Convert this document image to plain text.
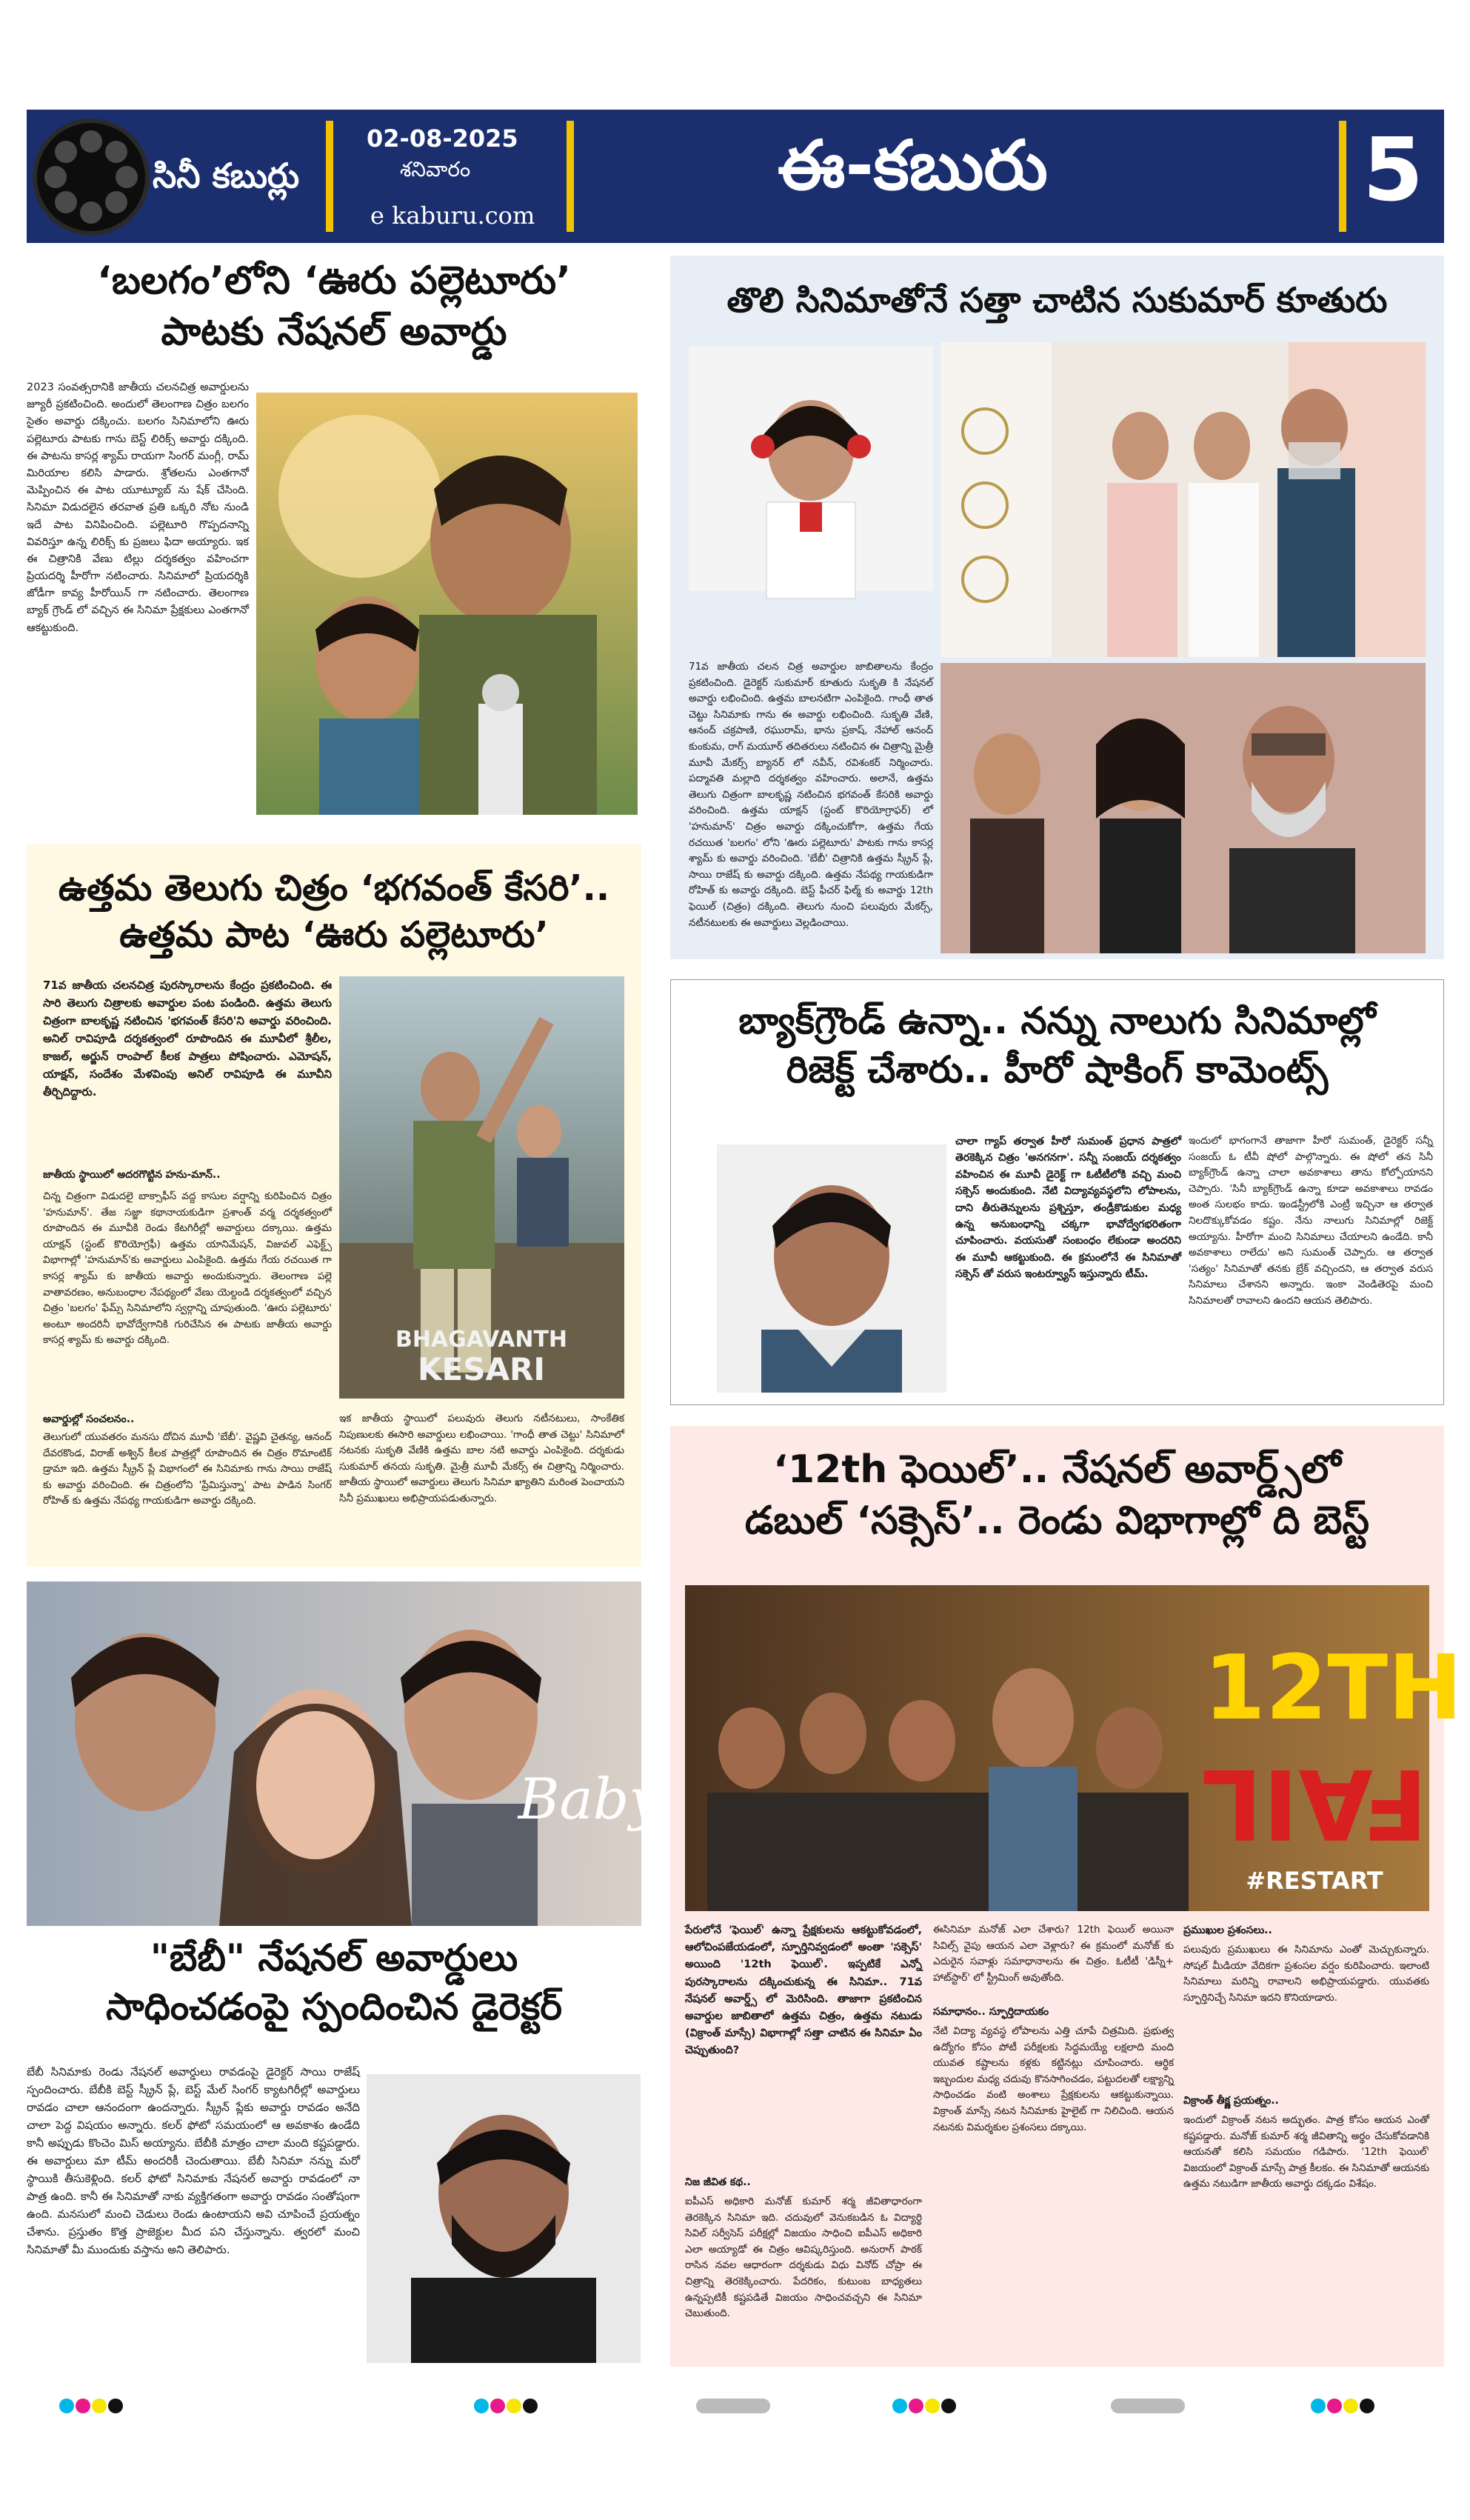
సినీ కబుర్లు
02-08-2025
శనివారం
e kaburu.com
ఈ-కబురు	5
‘బలగం’లోని ‘ఊరు పల్లెటూరు’
పాటకు నేషనల్ అవార్డు
2023 సంవత్సరానికి జాతీయ చలనచిత్ర అవార్డులను జ్యూరీ ప్రకటించింది. అందులో తెలంగాణ చిత్రం బలగం సైతం అవార్డు దక్కించు. బలగం సినిమాలోని ఊరు పల్లెటూరు పాటకు గాను బెస్ట్ లిరిక్స్ అవార్డు దక్కింది. ఈ పాటను కాసర్ల శ్యామ్ రాయగా సింగర్ మంగ్లీ, రామ్ మిరియాల కలిసి పాడారు. శ్రోతలను ఎంతగానో మెప్పించిన ఈ పాట యూట్యూబ్ ను షేక్ చేసింది. సినిమా విడుదలైన తరవాత ప్రతి ఒక్కరి నోట నుండి ఇదే పాట వినిపించింది. పల్లెటూరి గొప్పదనాన్ని వివరిస్తూ ఉన్న లిరిక్స్ కు ప్రజలు ఫిదా అయ్యారు. ఇక ఈ చిత్రానికి వేణు టిల్లు దర్శకత్వం వహించగా ప్రియదర్శి హీరోగా నటించారు. సినిమాలో ప్రియదర్శికి జోడీగా కావ్య హీరోయిన్ గా నటించారు. తెలంగాణ బ్యాక్ గ్రౌండ్ లో వచ్చిన ఈ సినిమా ప్రేక్షకులు ఎంతగానో ఆకట్టుకుంది.
తొలి సినిమాతోనే సత్తా చాటిన సుకుమార్ కూతురు
71వ జాతీయ చలన చిత్ర అవార్డుల జాబితాలను కేంద్రం ప్రకటించింది. డైరెక్టర్ సుకుమార్ కూతురు సుకృతి కి నేషనల్ అవార్డు లభించింది. ఉత్తమ బాలనటిగా ఎంపికైంది. గాంధీ తాత చెట్టు సినిమాకు గాను ఈ అవార్డు లభించింది. సుకృతి వేణి, ఆనంద్ చక్రపాణి, రఘురామ్, భాను ప్రకాష్, నేహాల్ ఆనంద్ కుంకుమ, రాగ్ మయూర్ తదితరులు నటించిన ఈ చిత్రాన్ని మైత్రీ మూవీ మేకర్స్ బ్యానర్ లో నవీన్, రవిశంకర్ నిర్మించారు. పద్మావతి మల్లాది దర్శకత్వం వహించారు. అలానే, ఉత్తమ తెలుగు చిత్రంగా బాలకృష్ణ నటించిన భగవంత్ కేసరికి అవార్డు వరించింది. ఉత్తమ యాక్షన్ (స్టంట్ కొరియోగ్రాఫర్) లో 'హనుమాన్' చిత్రం అవార్డు దక్కించుకోగా, ఉత్తమ గేయ రచయిత 'బలగం' లోని 'ఊరు పల్లెటూరు' పాటకు గాను కాసర్ల శ్యామ్ కు అవార్డు వరించింది. 'బేబీ' చిత్రానికి ఉత్తమ స్క్రీన్ ప్లే, సాయి రాజేష్ కు అవార్డు దక్కింది. ఉత్తమ నేపథ్య గాయకుడిగా రోహిత్ కు అవార్డు దక్కింది. బెస్ట్ ఫీచర్ ఫిల్మ్ కు అవార్డు 12th ఫెయిల్ (చిత్రం) దక్కింది. తెలుగు నుంచి పలువురు మేకర్స్, నటీనటులకు ఈ అవార్డులు వెల్లడించాయి.
ఉత్తమ తెలుగు చిత్రం ‘భగవంత్ కేసరి’..
ఉత్తమ పాట ‘ఊరు పల్లెటూరు’
71వ జాతీయ చలనచిత్ర పురస్కారాలను కేంద్రం ప్రకటించింది. ఈ సారి తెలుగు చిత్రాలకు అవార్డుల పంట పండింది. ఉత్తమ తెలుగు చిత్రంగా బాలకృష్ణ నటించిన 'భగవంత్ కేసరి'ని అవార్డు వరించింది. అనిల్ రావిపూడి దర్శకత్వంలో రూపొందిన ఈ మూవీలో శ్రీలీల, కాజల్, అర్జున్ రాంపాల్ కీలక పాత్రలు పోషించారు. ఎమోషన్, యాక్షన్, సందేశం మేళవింపు అనిల్ రావిపూడి ఈ మూవీని తీర్చిదిద్దారు.
BHAGAVANTH
KESARI
జాతీయ స్థాయిలో అదరగొట్టిన హను-మాన్..
చిన్న చిత్రంగా విడుదలై బాక్సాఫీస్ వద్ద కాసుల వర్షాన్ని కురిపించిన చిత్రం 'హనుమాన్'. తేజ సజ్జా కథానాయకుడిగా ప్రశాంత్ వర్మ దర్శకత్వంలో రూపొందిన ఈ మూవీకి రెండు కేటగిరీల్లో అవార్డులు దక్కాయి. ఉత్తమ యాక్షన్ (స్టంట్ కొరియోగ్రఫీ) ఉత్తమ యానిమేషన్, విజువల్ ఎఫెక్ట్స్ విభాగాల్లో 'హనుమాన్'కు అవార్డులు ఎంపికైంది. ఉత్తమ గేయ రచయిత గా కాసర్ల శ్యామ్ కు జాతీయ అవార్డు అందుకున్నారు. తెలంగాణ పల్లె వాతావరణం, అనుబంధాల నేపథ్యంలో వేణు యెల్దండి దర్శకత్వంలో వచ్చిన చిత్రం 'బలగం' ఫేమ్స్ సినిమాలోని స్వర్గాన్ని చూపుతుంది. 'ఊరు పల్లెటూరు' అంటూ అందరినీ భావోద్వేగానికి గురిచేసిన ఈ పాటకు జాతీయ అవార్డు కాసర్ల శ్యామ్ కు అవార్డు దక్కింది.
అవార్డుల్లో సంచలనం..
తెలుగులో యువతరం మనసు దోచిన మూవీ 'బేబీ'. వైష్ణవి చైతన్య, ఆనంద్ దేవరకొండ, విరాజ్ అశ్విన్ కీలక పాత్రల్లో రూపొందిన ఈ చిత్రం రొమాంటిక్ డ్రామా ఇది. ఉత్తమ స్క్రీన్ ప్లే విభాగంలో ఈ సినిమాకు గాను సాయి రాజేష్ కు అవార్డు వరించింది. ఈ చిత్రంలోని 'ప్రేమిస్తున్నా' పాట పాడిన సింగర్ రోహిత్ కు ఉత్తమ నేపథ్య గాయకుడిగా అవార్డు దక్కింది.
ఇక జాతీయ స్థాయిలో పలువురు తెలుగు నటీనటులు, సాంకేతిక నిపుణులకు ఈసారి అవార్డులు లభించాయి. 'గాంధీ తాత చెట్టు' సినిమాలో నటనకు సుకృతి వేణికి ఉత్తమ బాల నటి అవార్డు ఎంపికైంది. దర్శకుడు సుకుమార్ తనయ సుకృతి. మైత్రీ మూవీ మేకర్స్ ఈ చిత్రాన్ని నిర్మించారు. జాతీయ స్థాయిలో అవార్డులు తెలుగు సినిమా ఖ్యాతిని మరింత పెంచాయని సినీ ప్రముఖులు అభిప్రాయపడుతున్నారు.
బ్యాక్‌గ్రౌండ్ ఉన్నా.. నన్ను నాలుగు సినిమాల్లో
రిజెక్ట్ చేశారు.. హీరో షాకింగ్ కామెంట్స్
చాలా గ్యాప్ తర్వాత హీరో సుమంత్ ప్రధాన పాత్రలో తెరకెక్కిన చిత్రం 'అనగనగా'. సన్నీ సంజయ్ దర్శకత్వం వహించిన ఈ మూవీ డైరెక్ట్ గా ఓటీటీలోకి వచ్చి మంచి సక్సెస్ అందుకుంది. నేటి విద్యావ్యవస్థలోని లోపాలను, దాని తీరుతెన్నులను ప్రశ్నిస్తూ, తండ్రీకొడుకుల మధ్య ఉన్న అనుబంధాన్ని చక్కగా భావోద్వేగభరితంగా చూపించారు. వయసుతో సంబంధం లేకుండా అందరిని ఈ మూవీ ఆకట్టుకుంది. ఈ క్రమంలోనే ఈ సినిమాతో సక్సెస్ తో వరుస ఇంటర్వ్యూస్ ఇస్తున్నారు టీమ్.
ఇందులో భాగంగానే తాజాగా హీరో సుమంత్, డైరెక్టర్ సన్నీ సంజయ్ ఓ టీవీ షోలో పాల్గొన్నారు. ఈ షోలో తన సినీ బ్యాక్‌గ్రౌండ్ ఉన్నా చాలా అవకాశాలు తాను కోల్పోయానని చెప్పారు. 'సినీ బ్యాక్‌గ్రౌండ్ ఉన్నా కూడా అవకాశాలు రావడం అంత సులభం కాదు. ఇండస్ట్రీలోకి ఎంట్రీ ఇచ్చినా ఆ తర్వాత నిలదొక్కుకోవడం కష్టం. నేను నాలుగు సినిమాల్లో రిజెక్ట్ అయ్యాను. హీరోగా మంచి సినిమాలు చేయాలని ఉండేది. కానీ అవకాశాలు రాలేదు' అని సుమంత్ చెప్పారు. ఆ తర్వాత 'సత్యం' సినిమాతో తనకు బ్రేక్ వచ్చిందని, ఆ తర్వాత వరుస సినిమాలు చేశానని అన్నారు. ఇంకా వెండితెరపై మంచి సినిమాలతో రావాలని ఉందని ఆయన తెలిపారు.
Baby
"బేబీ" నేషనల్ అవార్డులు
సాధించడంపై స్పందించిన డైరెక్టర్
బేబీ సినిమాకు రెండు నేషనల్ అవార్డులు రావడంపై డైరెక్టర్ సాయి రాజేష్ స్పందించారు. బేబీకి బెస్ట్ స్క్రీన్ ప్లే, బెస్ట్ మేల్ సింగర్ క్యాటగిరీల్లో అవార్డులు రావడం చాలా ఆనందంగా ఉందన్నారు. స్క్రీన్ ప్లేకు అవార్డు రావడం అనేది చాలా పెద్ద విషయం అన్నారు. కలర్ ఫోటో సమయంలో ఆ అవకాశం ఉండేది కానీ అప్పుడు కొంచెం మిస్ అయ్యాను. బేబీకి మాత్రం చాలా మంది కష్టపడ్డారు. ఈ అవార్డులు మా టీమ్ అందరికీ చెందుతాయి. బేబీ సినిమా నన్ను మరో స్థాయికి తీసుకెళ్లింది. కలర్ ఫోటో సినిమాకు నేషనల్ అవార్డు రావడంలో నా పాత్ర ఉంది. కానీ ఈ సినిమాతో నాకు వ్యక్తిగతంగా అవార్డు రావడం సంతోషంగా ఉంది. మనసులో మంచి చెడులు రెండు ఉంటాయని అవి చూపించే ప్రయత్నం చేశాను. ప్రస్తుతం కొత్త ప్రాజెక్టుల మీద పని చేస్తున్నాను. త్వరలో మంచి సినిమాతో మీ ముందుకు వస్తాను అని తెలిపారు.
‘12th ఫెయిల్’.. నేషనల్ అవార్డ్స్‌లో
డబుల్ ‘సక్సెస్’.. రెండు విభాగాల్లో ది బెస్ట్
12TH
FAIL
#RESTART
పేరులోనే 'ఫెయిల్' ఉన్నా ప్రేక్షకులను ఆకట్టుకోవడంలో, ఆలోచింపజేయడంలో, స్ఫూర్తినివ్వడంలో అంతా 'సక్సెస్' అయింది '12th ఫెయిల్'. ఇప్పటికే ఎన్నో పురస్కారాలను దక్కించుకున్న ఈ సినిమా.. 71వ నేషనల్ అవార్డ్స్ లో మెరిసింది. తాజాగా ప్రకటించిన అవార్డుల జాబితాలో ఉత్తమ చిత్రం, ఉత్తమ నటుడు (విక్రాంత్ మాస్సే) విభాగాల్లో సత్తా చాటిన ఈ సినిమా ఏం చెప్పుతుంది?
నిజ జీవిత కథ..
ఐపీఎస్ అధికారి మనోజ్ కుమార్ శర్మ జీవితాధారంగా తెరకెక్కిన సినిమా ఇది. చదువులో వెనుకబడిన ఓ విద్యార్థి సివిల్ సర్వీసెస్ పరీక్షల్లో విజయం సాధించి ఐపీఎస్ అధికారి ఎలా అయ్యాడో ఈ చిత్రం ఆవిష్కరిస్తుంది. అనురాగ్ పాఠక్ రాసిన నవల ఆధారంగా దర్శకుడు విధు వినోద్ చోప్రా ఈ చిత్రాన్ని తెరకెక్కించారు. పేదరికం, కుటుంబ బాధ్యతలు ఉన్నప్పటికీ కష్టపడితే విజయం సాధించవచ్చని ఈ సినిమా చెబుతుంది.
ఈసినిమా మనోజ్ ఎలా చేశారు? 12th ఫెయిల్ అయినా సివిల్స్ వైపు ఆయన ఎలా వెళ్లారు? ఈ క్రమంలో మనోజ్ కు ఎదురైన సవాళ్లు సమాధానాలను ఈ చిత్రం. ఓటీటీ 'డిస్నీ+ హాట్‌స్టార్' లో స్ట్రీమింగ్ అవుతోంది.
సమాధానం.. స్ఫూర్తిదాయకం
నేటి విద్యా వ్యవస్థ లోపాలను ఎత్తి చూపే చిత్రమిది. ప్రభుత్వ ఉద్యోగం కోసం పోటీ పరీక్షలకు సిద్ధమయ్యే లక్షలాది మంది యువత కష్టాలను కళ్లకు కట్టినట్లు చూపించారు. ఆర్థిక ఇబ్బందుల మధ్య చదువు కొనసాగించడం, పట్టుదలతో లక్ష్యాన్ని సాధించడం వంటి అంశాలు ప్రేక్షకులను ఆకట్టుకున్నాయి. విక్రాంత్ మాస్సే నటన సినిమాకు హైలైట్ గా నిలిచింది. ఆయన నటనకు విమర్శకుల ప్రశంసలు దక్కాయి.
ప్రముఖుల ప్రశంసలు..
పలువురు ప్రముఖులు ఈ సినిమాను ఎంతో మెచ్చుకున్నారు. సోషల్ మీడియా వేదికగా ప్రశంసల వర్షం కురిపించారు. ఇలాంటి సినిమాలు మరిన్ని రావాలని అభిప్రాయపడ్డారు. యువతకు స్ఫూర్తినిచ్చే సినిమా ఇదని కొనియాడారు.
విక్రాంత్ తీక్ష్ణ ప్రయత్నం..
ఇందులో విక్రాంత్ నటన అద్భుతం. పాత్ర కోసం ఆయన ఎంతో కష్టపడ్డారు. మనోజ్ కుమార్ శర్మ జీవితాన్ని అర్థం చేసుకోవడానికి ఆయనతో కలిసి సమయం గడిపారు. '12th ఫెయిల్' విజయంలో విక్రాంత్ మాస్సే పాత్ర కీలకం. ఈ సినిమాతో ఆయనకు ఉత్తమ నటుడిగా జాతీయ అవార్డు దక్కడం విశేషం.
